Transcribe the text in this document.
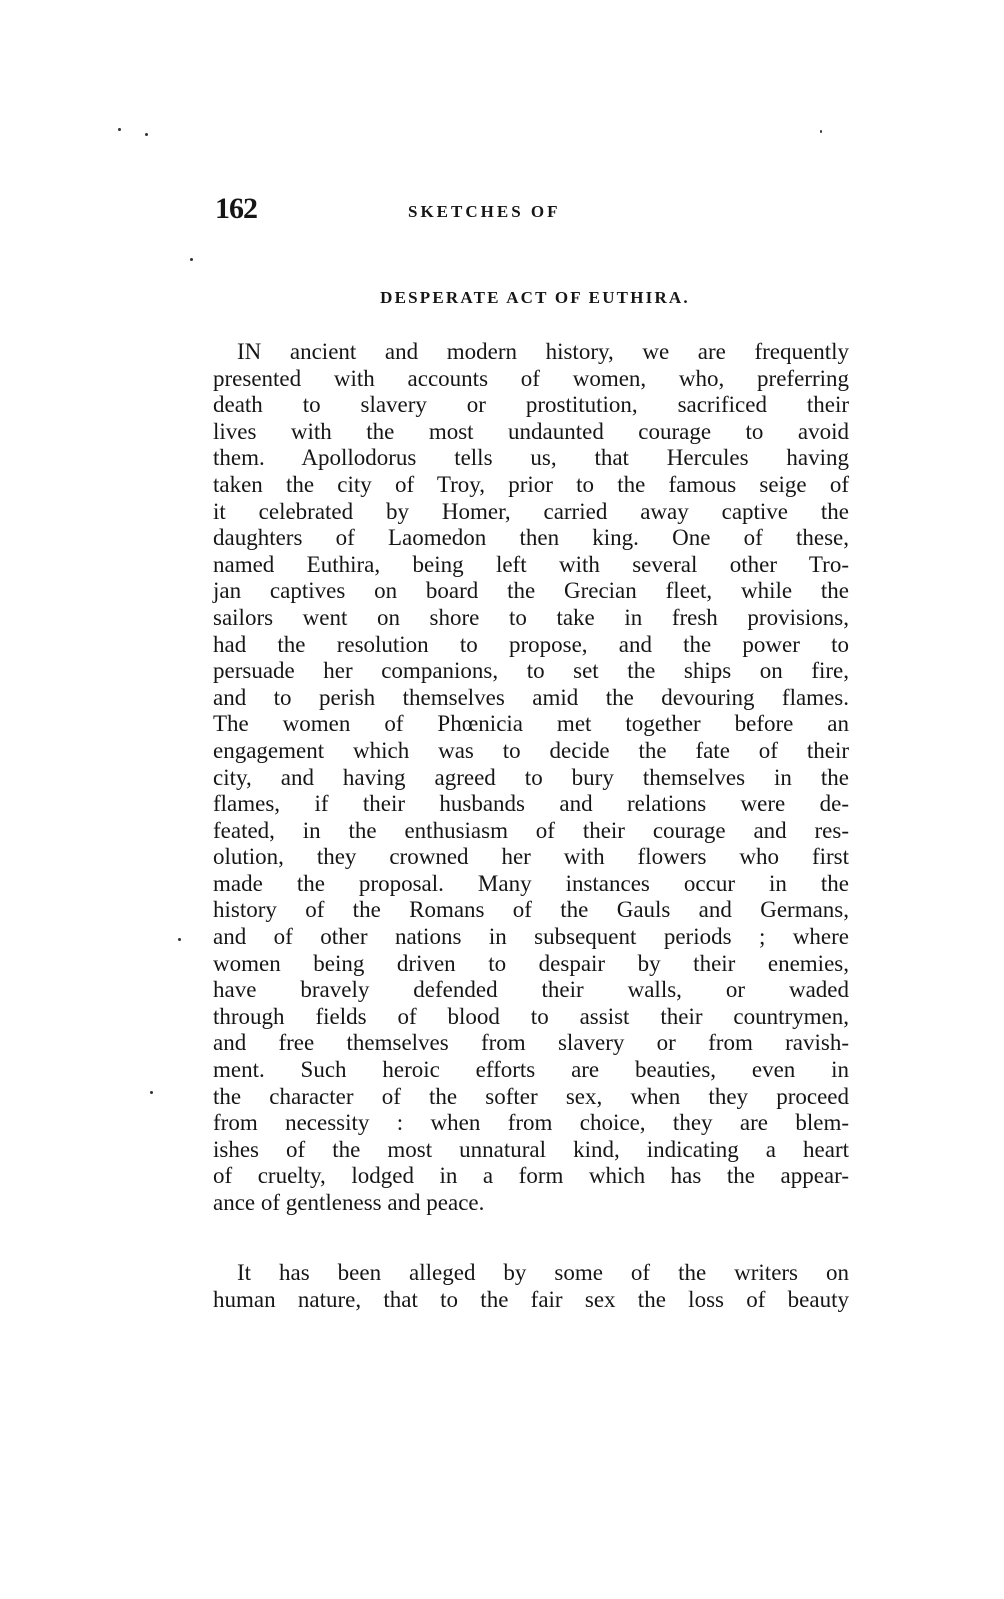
162	SKETCHES OF
DESPERATE ACT OF EUTHIRA.
IN ancient and modern history, we are frequently
presented with accounts of women, who, preferring
death to slavery or prostitution, sacrificed their
lives with the most undaunted courage to avoid
them. Apollodorus tells us, that Hercules having
taken the city of Troy, prior to the famous seige of
it celebrated by Homer, carried away captive the
daughters of Laomedon then king. One of these,
named Euthira, being left with several other Tro-
jan captives on board the Grecian fleet, while the
sailors went on shore to take in fresh provisions,
had the resolution to propose, and the power to
persuade her companions, to set the ships on fire,
and to perish themselves amid the devouring flames.
The women of Phœnicia met together before an
engagement which was to decide the fate of their
city, and having agreed to bury themselves in the
flames, if their husbands and relations were de-
feated, in the enthusiasm of their courage and res-
olution, they crowned her with flowers who first
made the proposal. Many instances occur in the
history of the Romans of the Gauls and Germans,
and of other nations in subsequent periods ; where
women being driven to despair by their enemies,
have bravely defended their walls, or waded
through fields of blood to assist their countrymen,
and free themselves from slavery or from ravish-
ment. Such heroic efforts are beauties, even in
the character of the softer sex, when they proceed
from necessity : when from choice, they are blem-
ishes of the most unnatural kind, indicating a heart
of cruelty, lodged in a form which has the appear-
ance of gentleness and peace.
It has been alleged by some of the writers on
human nature, that to the fair sex the loss of beauty
